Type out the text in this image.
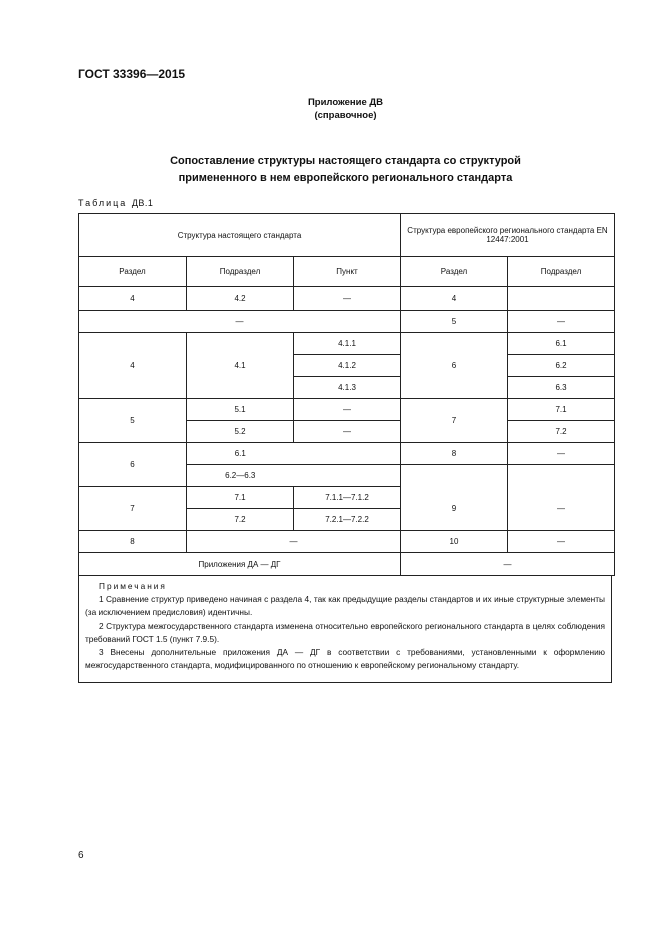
ГОСТ 33396—2015
Приложение ДВ
(справочное)
Сопоставление структуры настоящего стандарта со структурой
примененного в нем европейского регионального стандарта
Таблица ДВ.1
Структура настоящего стандарта			Структура европейского регионального стандарта EN 12447:2001	
Раздел	Подраздел	Пункт	Раздел	Подраздел
4	4.2	—	4	
—			5	—
4	4.1	4.1.1	6	6.1
		4.1.2		6.2
		4.1.3		6.3
5	5.1	—	7	7.1
	5.2	—		7.2
6	6.1		8	—
	6.2—6.3			
7	7.1	7.1.1—7.1.2	9	—
	7.2	7.2.1—7.2.2		
8	—		10	—
Приложения ДА — ДГ			—	

Примечания

1 Сравнение структур приведено начиная с раздела 4, так как предыдущие разделы стандартов и их иные структурные элементы (за исключением предисловия) идентичны.

2 Структура межгосударственного стандарта изменена относительно европейского регионального стандарта в целях соблюдения требований ГОСТ 1.5 (пункт 7.9.5).

3 Внесены дополнительные приложения ДА — ДГ в соответствии с требованиями, установленными к оформлению межгосударственного стандарта, модифицированного по отношению к европейскому региональному стандарту.

6
